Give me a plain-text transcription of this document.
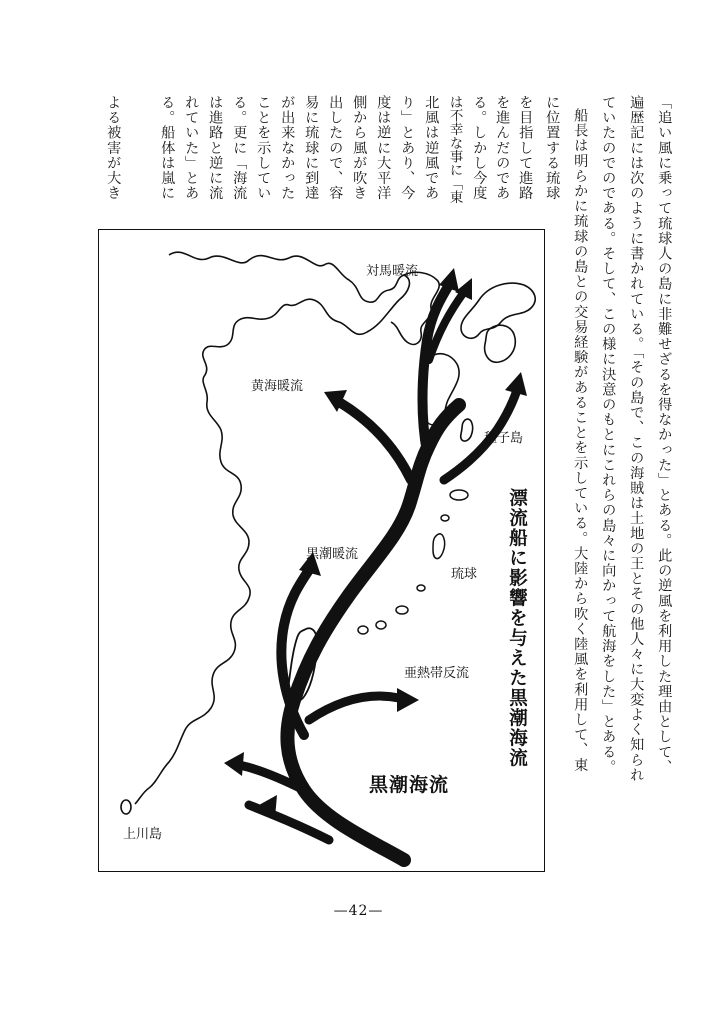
「追い風に乗って琉球人の島に非難せざるを得なかった」とある。此の逆風を利用した理由として、
遍歴記には次のように書かれている。「その島で、この海賊は土地の王とその他人々に大変よく知られ
ていたのでのである。そして、この様に決意のもとにこれらの島々に向かって航海をした」とある。
船長は明らかに琉球の島との交易経験があることを示している。大陸から吹く陸風を利用して、東
に位置する琉球
を目指して進路
を進んだのであ
る。しかし今度
は不幸な事に「東
北風は逆風であ
り」とあり、今
度は逆に大平洋
側から風が吹き
出したので、容
易に琉球に到達
が出来なかった
ことを示してい
る。更に「海流
は進路と逆に流
れていた」とあ
る。船体は嵐に
よる被害が大き
対馬暖流
黄海暖流
種子島
黒潮暖流
琉球
亜熱帯反流
黒潮海流
上川島
漂流船に影響を与えた黒潮海流
—42—
